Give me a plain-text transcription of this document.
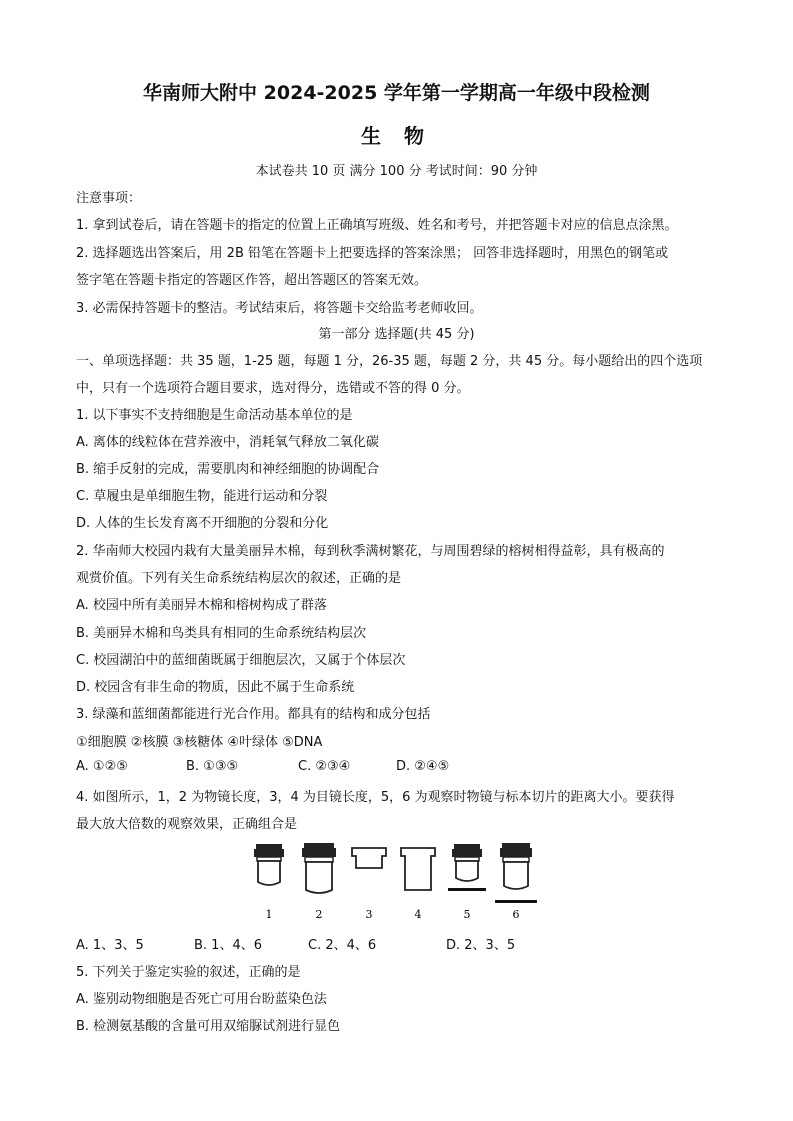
华南师大附中 2024-2025 学年第一学期高一年级中段检测
生 物
本试卷共 10 页 满分 100 分 考试时间：90 分钟
注意事项：
1. 拿到试卷后，请在答题卡的指定的位置上正确填写班级、姓名和考号，并把答题卡对应的信息点涂黑。
2. 选择题选出答案后，用 2B 铅笔在答题卡上把要选择的答案涂黑； 回答非选择题时，用黑色的钢笔或
签字笔在答题卡指定的答题区作答，超出答题区的答案无效。
3. 必需保持答题卡的整洁。考试结束后，将答题卡交给监考老师收回。
第一部分 选择题(共 45 分)
一、单项选择题：共 35 题，1-25 题，每题 1 分，26-35 题，每题 2 分，共 45 分。每小题给出的四个选项
中，只有一个选项符合题目要求，选对得分，选错或不答的得 0 分。
1. 以下事实不支持细胞是生命活动基本单位的是
A. 离体的线粒体在营养液中，消耗氧气释放二氧化碳
B. 缩手反射的完成，需要肌肉和神经细胞的协调配合
C. 草履虫是单细胞生物，能进行运动和分裂
D. 人体的生长发育离不开细胞的分裂和分化
2. 华南师大校园内栽有大量美丽异木棉，每到秋季满树繁花，与周围碧绿的榕树相得益彰，具有极高的
观赏价值。下列有关生命系统结构层次的叙述，正确的是
A. 校园中所有美丽异木棉和榕树构成了群落
B. 美丽异木棉和鸟类具有相同的生命系统结构层次
C. 校园湖泊中的蓝细菌既属于细胞层次，又属于个体层次
D. 校园含有非生命的物质，因此不属于生命系统
3. 绿藻和蓝细菌都能进行光合作用。都具有的结构和成分包括
①细胞膜 ②核膜 ③核糖体 ④叶绿体 ⑤DNA
A. ①②⑤	B. ①③⑤	C. ②③④	D. ②④⑤
4. 如图所示，1，2 为物镜长度，3，4 为目镜长度，5，6 为观察时物镜与标本切片的距离大小。要获得
最大放大倍数的观察效果，正确组合是
1	2	3	4	5	6
A. 1、3、5	B. 1、4、6	C. 2、4、6	D. 2、3、5
5. 下列关于鉴定实验的叙述，正确的是
A. 鉴别动物细胞是否死亡可用台盼蓝染色法
B. 检测氨基酸的含量可用双缩脲试剂进行显色
